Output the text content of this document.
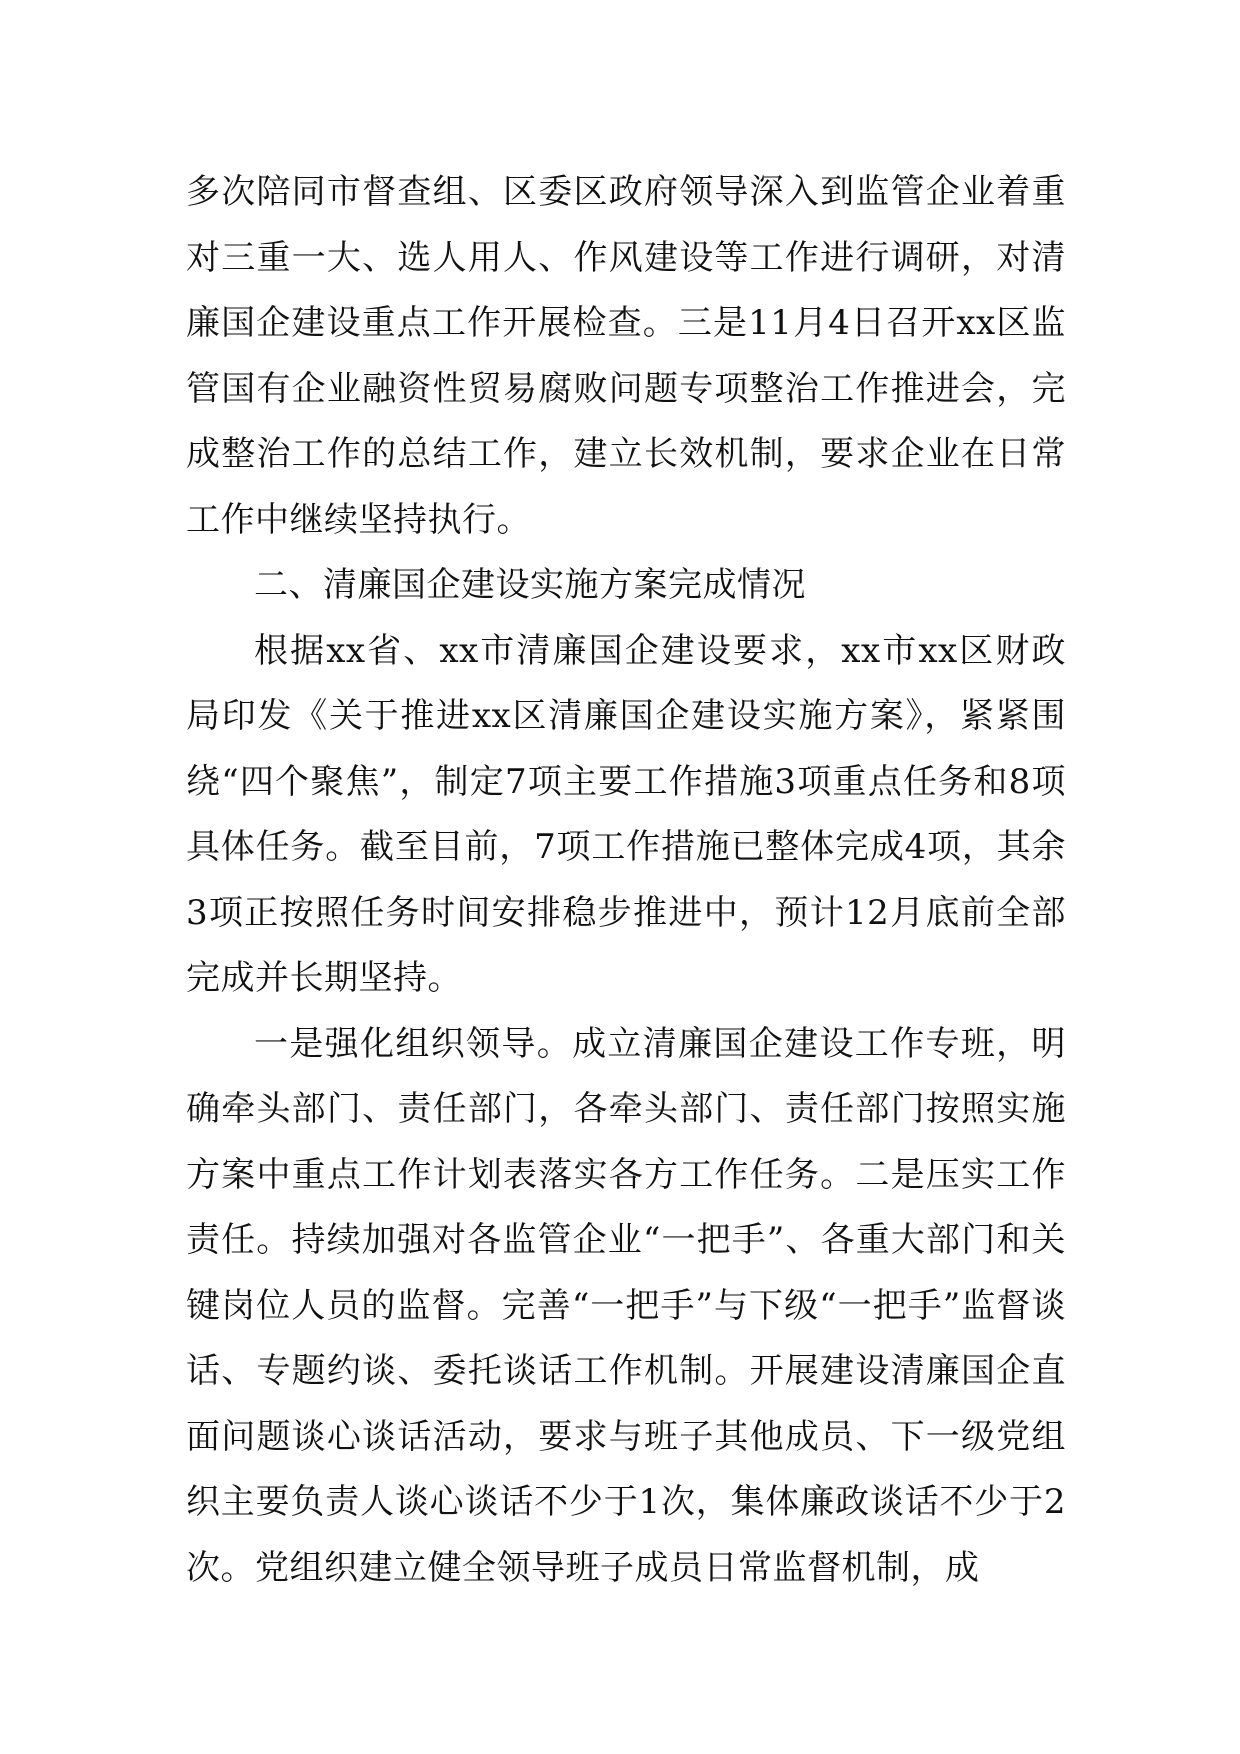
多次陪同市督查组、区委区政府领导深入到监管企业着重对三重一大、选人用人、作风建设等工作进行调研，对清廉国企建设重点工作开展检查。三是11月4日召开xx区监管国有企业融资性贸易腐败问题专项整治工作推进会，完成整治工作的总结工作，建立长效机制，要求企业在日常工作中继续坚持执行。

二、清廉国企建设实施方案完成情况

根据xx省、xx市清廉国企建设要求，xx市xx区财政局印发《关于推进xx区清廉国企建设实施方案》，紧紧围绕“四个聚焦”，制定7项主要工作措施3项重点任务和8项具体任务。截至目前，7项工作措施已整体完成4项，其余3项正按照任务时间安排稳步推进中，预计12月底前全部完成并长期坚持。

一是强化组织领导。成立清廉国企建设工作专班，明确牵头部门、责任部门，各牵头部门、责任部门按照实施方案中重点工作计划表落实各方工作任务。二是压实工作责任。持续加强对各监管企业“一把手”、各重大部门和关键岗位人员的监督。完善“一把手”与下级“一把手”监督谈话、专题约谈、委托谈话工作机制。开展建设清廉国企直面问题谈心谈话活动，要求与班子其他成员、下一级党组织主要负责人谈心谈话不少于1次，集体廉政谈话不少于2次。党组织建立健全领导班子成员日常监督机制，成
